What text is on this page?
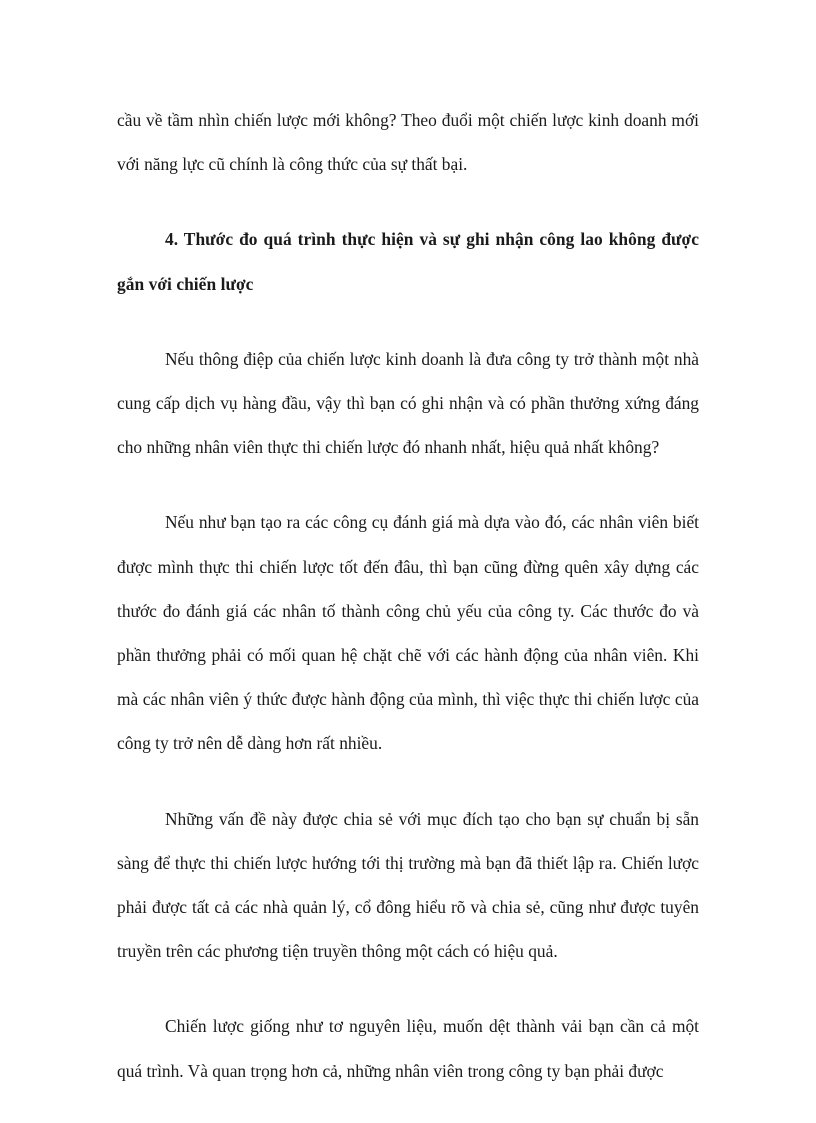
cầu về tầm nhìn chiến lược mới không? Theo đuổi một chiến lược kinh doanh mới với năng lực cũ chính là công thức của sự thất bại.

4. Thước đo quá trình thực hiện và sự ghi nhận công lao không được gắn với chiến lược

Nếu thông điệp của chiến lược kinh doanh là đưa công ty trở thành một nhà cung cấp dịch vụ hàng đầu, vậy thì bạn có ghi nhận và có phần thưởng xứng đáng cho những nhân viên thực thi chiến lược đó nhanh nhất, hiệu quả nhất không?

Nếu như bạn tạo ra các công cụ đánh giá mà dựa vào đó, các nhân viên biết được mình thực thi chiến lược tốt đến đâu, thì bạn cũng đừng quên xây dựng các thước đo đánh giá các nhân tố thành công chủ yếu của công ty. Các thước đo và phần thưởng phải có mối quan hệ chặt chẽ với các hành động của nhân viên. Khi mà các nhân viên ý thức được hành động của mình, thì việc thực thi chiến lược của công ty trở nên dễ dàng hơn rất nhiều.

Những vấn đề này được chia sẻ với mục đích tạo cho bạn sự chuẩn bị sẵn sàng để thực thi chiến lược hướng tới thị trường mà bạn đã thiết lập ra. Chiến lược phải được tất cả các nhà quản lý, cổ đông hiểu rõ và chia sẻ, cũng như được tuyên truyền trên các phương tiện truyền thông một cách có hiệu quả.

Chiến lược giống như tơ nguyên liệu, muốn dệt thành vải bạn cần cả một quá trình. Và quan trọng hơn cả, những nhân viên trong công ty bạn phải được
